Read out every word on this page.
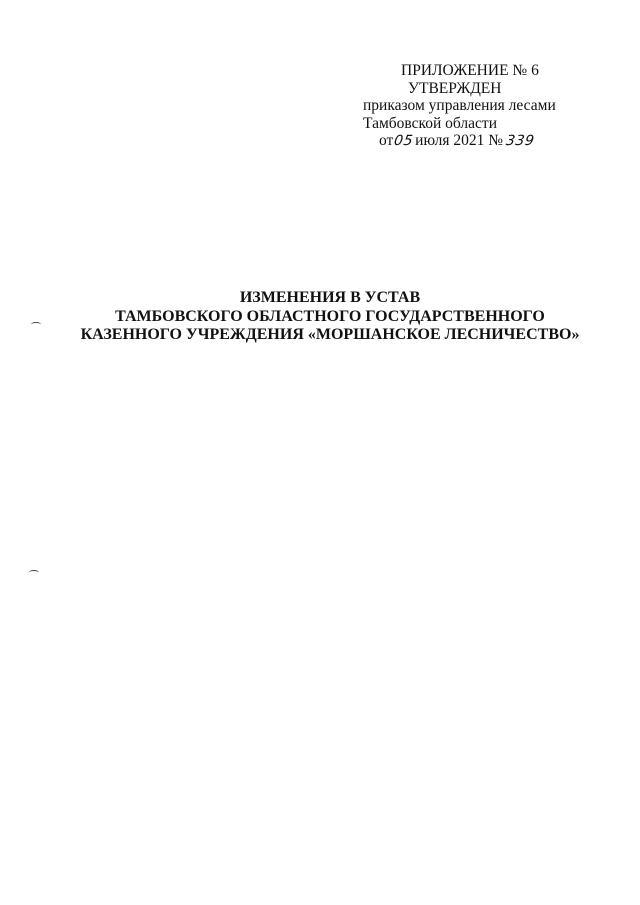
ПРИЛОЖЕНИЕ № 6
УТВЕРЖДЕН
приказом управления лесами
Тамбовской области
от05июля 2021 № 339
ИЗМЕНЕНИЯ В УСТАВ
ТАМБОВСКОГО ОБЛАСТНОГО ГОСУДАРСТВЕННОГО
КАЗЕННОГО УЧРЕЖДЕНИЯ «МОРШАНСКОЕ ЛЕСНИЧЕСТВО»
